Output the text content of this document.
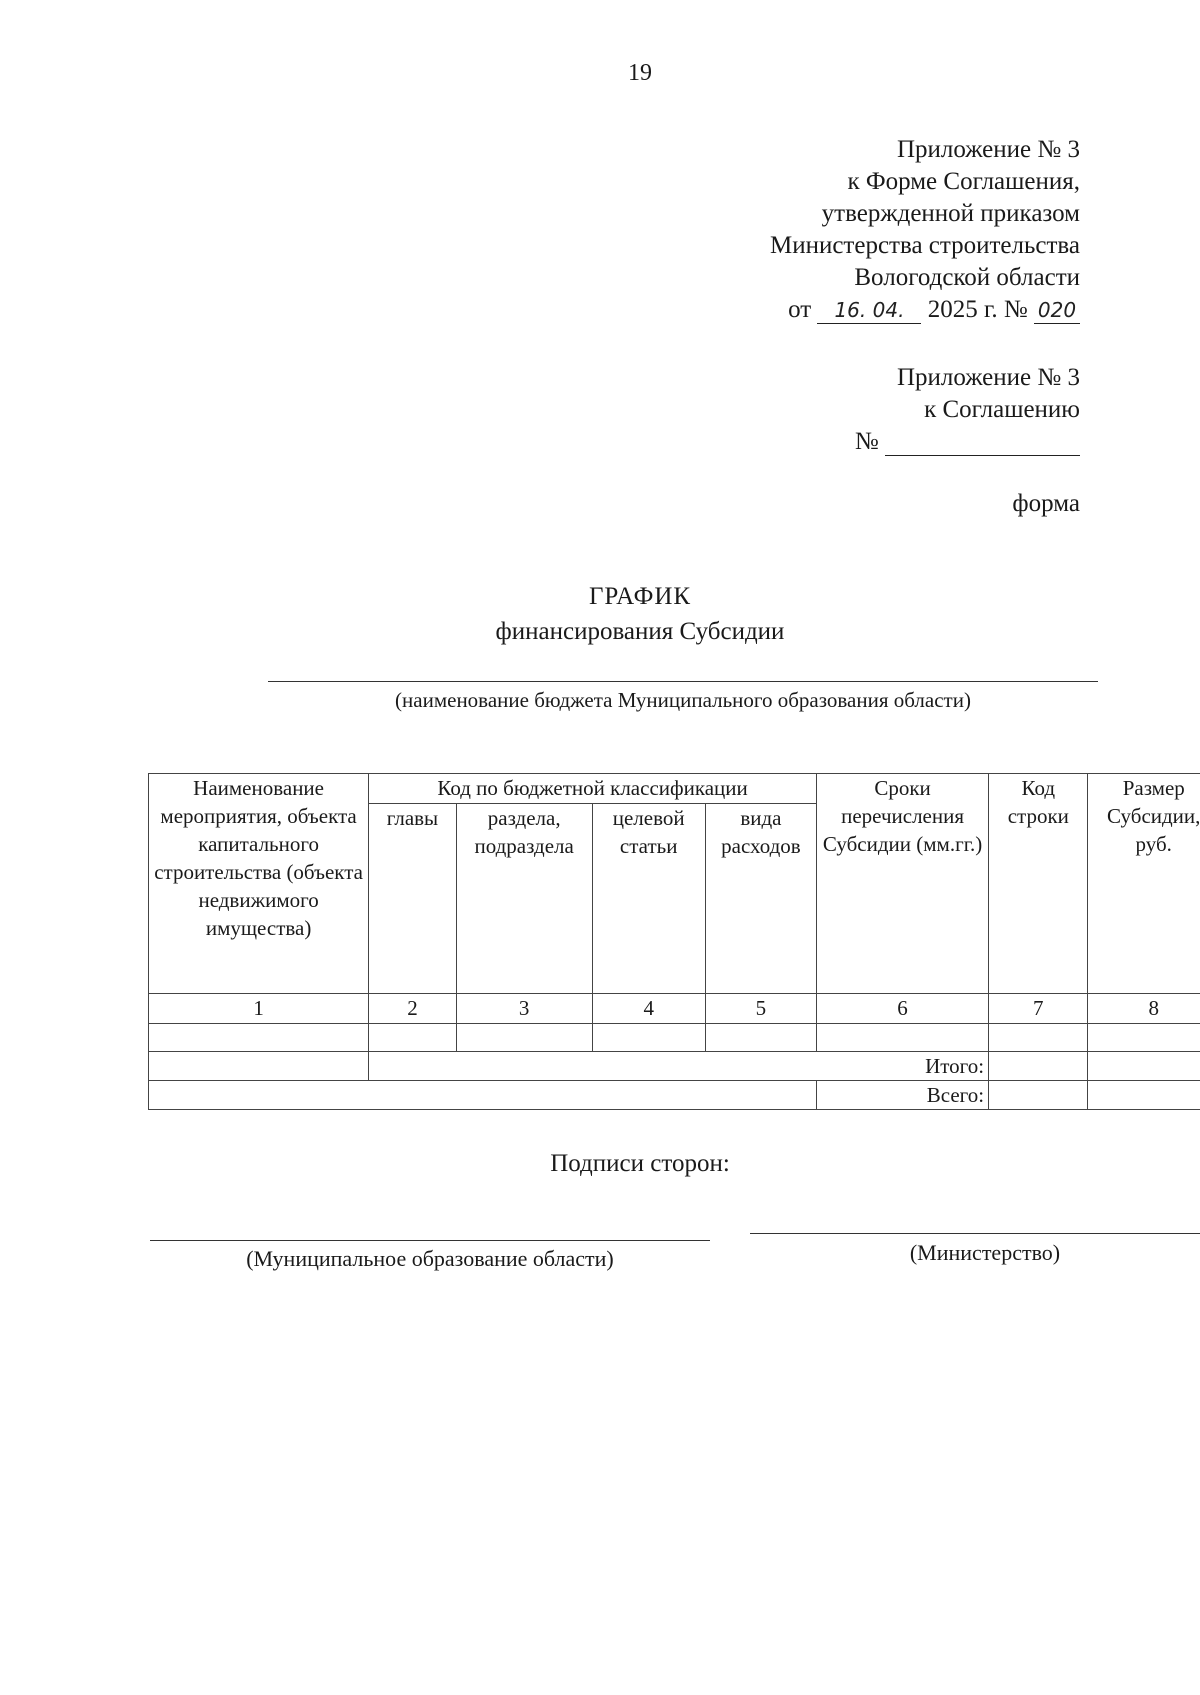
19
Приложение № 3
к Форме Соглашения,
утвержденной приказом
Министерства строительства
Вологодской области
от 16. 04. 2025 г. № 020
Приложение № 3
к Соглашению
№
форма
ГРАФИК
финансирования Субсидии
(наименование бюджета Муниципального образования области)
Наименование мероприятия, объекта капитального строительства (объекта недвижимого имущества)	Код по бюджетной классификации				Сроки перечисления Субсидии (мм.гг.)	Код строки	Размер Субсидии, руб.
	главы	раздела, подраздела	целевой статьи	вида расходов			
1	2	3	4	5	6	7	8

	Итого:						
					Всего:		
Подписи сторон:
(Муниципальное образование области)	(Министерство)
